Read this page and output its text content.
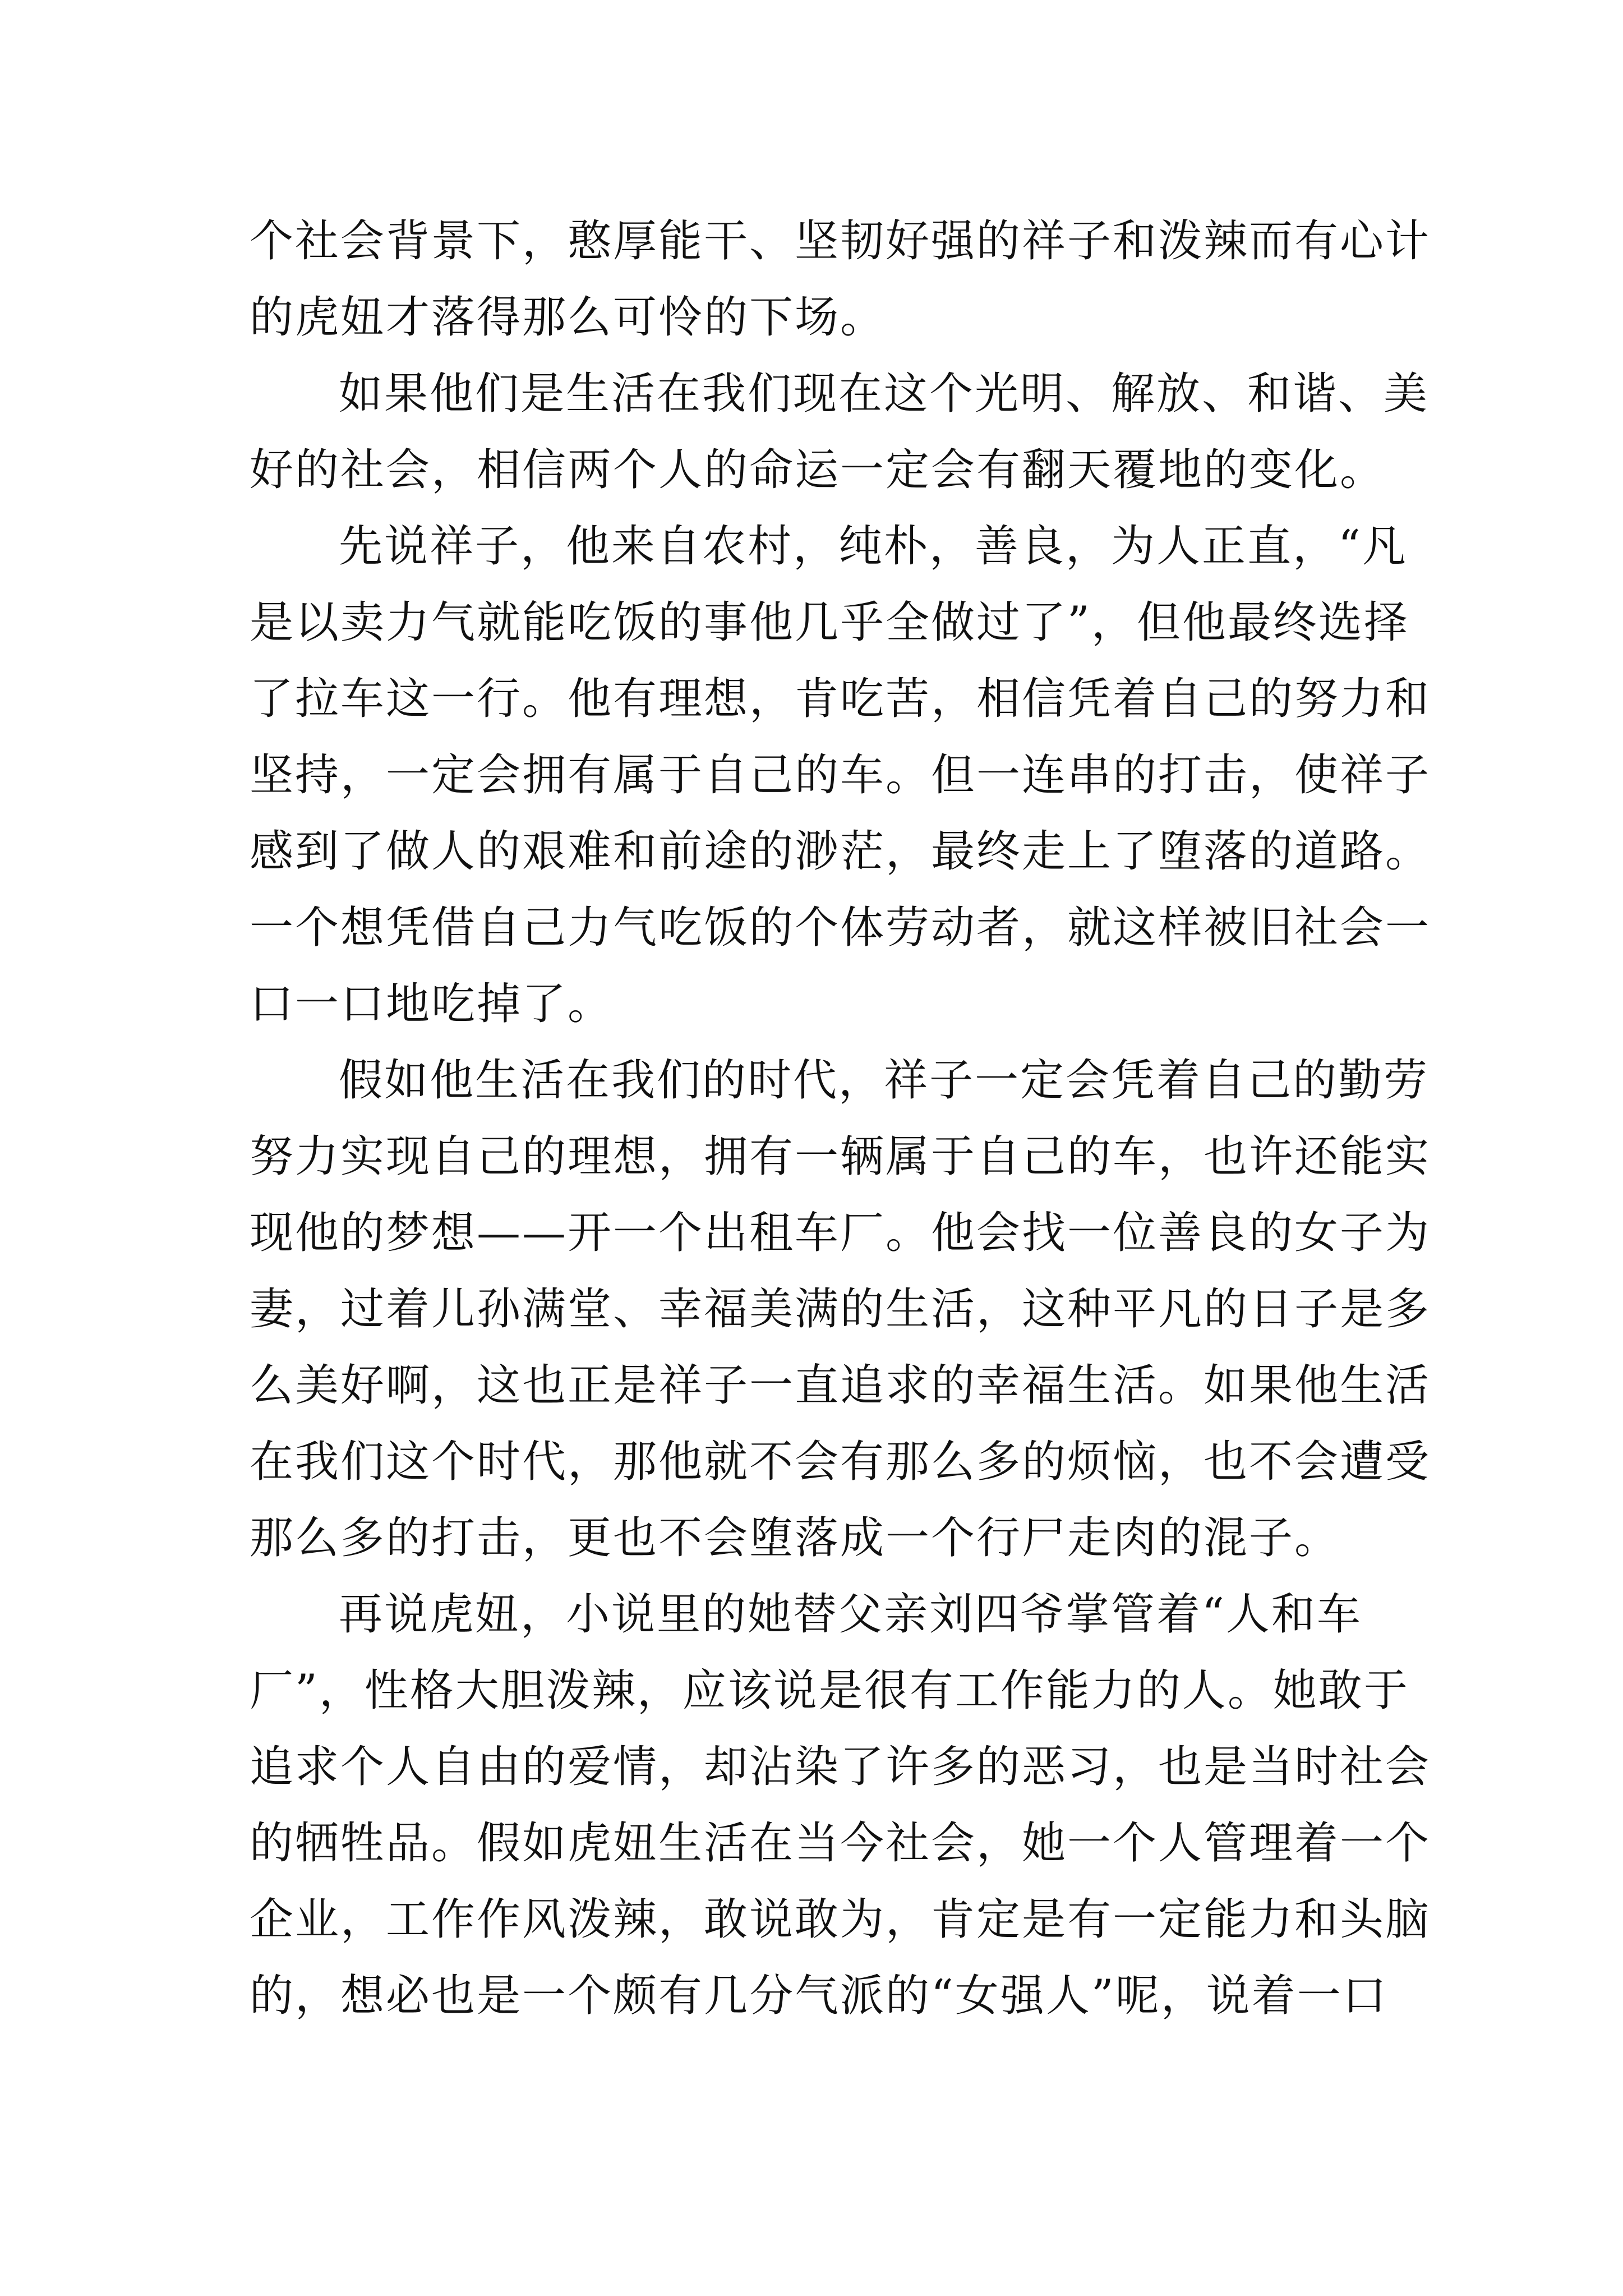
个社会背景下，憨厚能干、坚韧好强的祥子和泼辣而有心计
的虎妞才落得那么可怜的下场。
如果他们是生活在我们现在这个光明、解放、和谐、美
好的社会，相信两个人的命运一定会有翻天覆地的变化。
先说祥子，他来自农村，纯朴，善良，为人正直，“凡
是以卖力气就能吃饭的事他几乎全做过了”，但他最终选择
了拉车这一行。他有理想，肯吃苦，相信凭着自己的努力和
坚持，一定会拥有属于自己的车。但一连串的打击，使祥子
感到了做人的艰难和前途的渺茫，最终走上了堕落的道路。
一个想凭借自己力气吃饭的个体劳动者，就这样被旧社会一
口一口地吃掉了。
假如他生活在我们的时代，祥子一定会凭着自己的勤劳
努力实现自己的理想，拥有一辆属于自己的车，也许还能实
现他的梦想——开一个出租车厂。他会找一位善良的女子为
妻，过着儿孙满堂、幸福美满的生活，这种平凡的日子是多
么美好啊，这也正是祥子一直追求的幸福生活。如果他生活
在我们这个时代，那他就不会有那么多的烦恼，也不会遭受
那么多的打击，更也不会堕落成一个行尸走肉的混子。
再说虎妞，小说里的她替父亲刘四爷掌管着“人和车
厂”，性格大胆泼辣，应该说是很有工作能力的人。她敢于
追求个人自由的爱情，却沾染了许多的恶习，也是当时社会
的牺牲品。假如虎妞生活在当今社会，她一个人管理着一个
企业，工作作风泼辣，敢说敢为，肯定是有一定能力和头脑
的，想必也是一个颇有几分气派的“女强人”呢，说着一口
